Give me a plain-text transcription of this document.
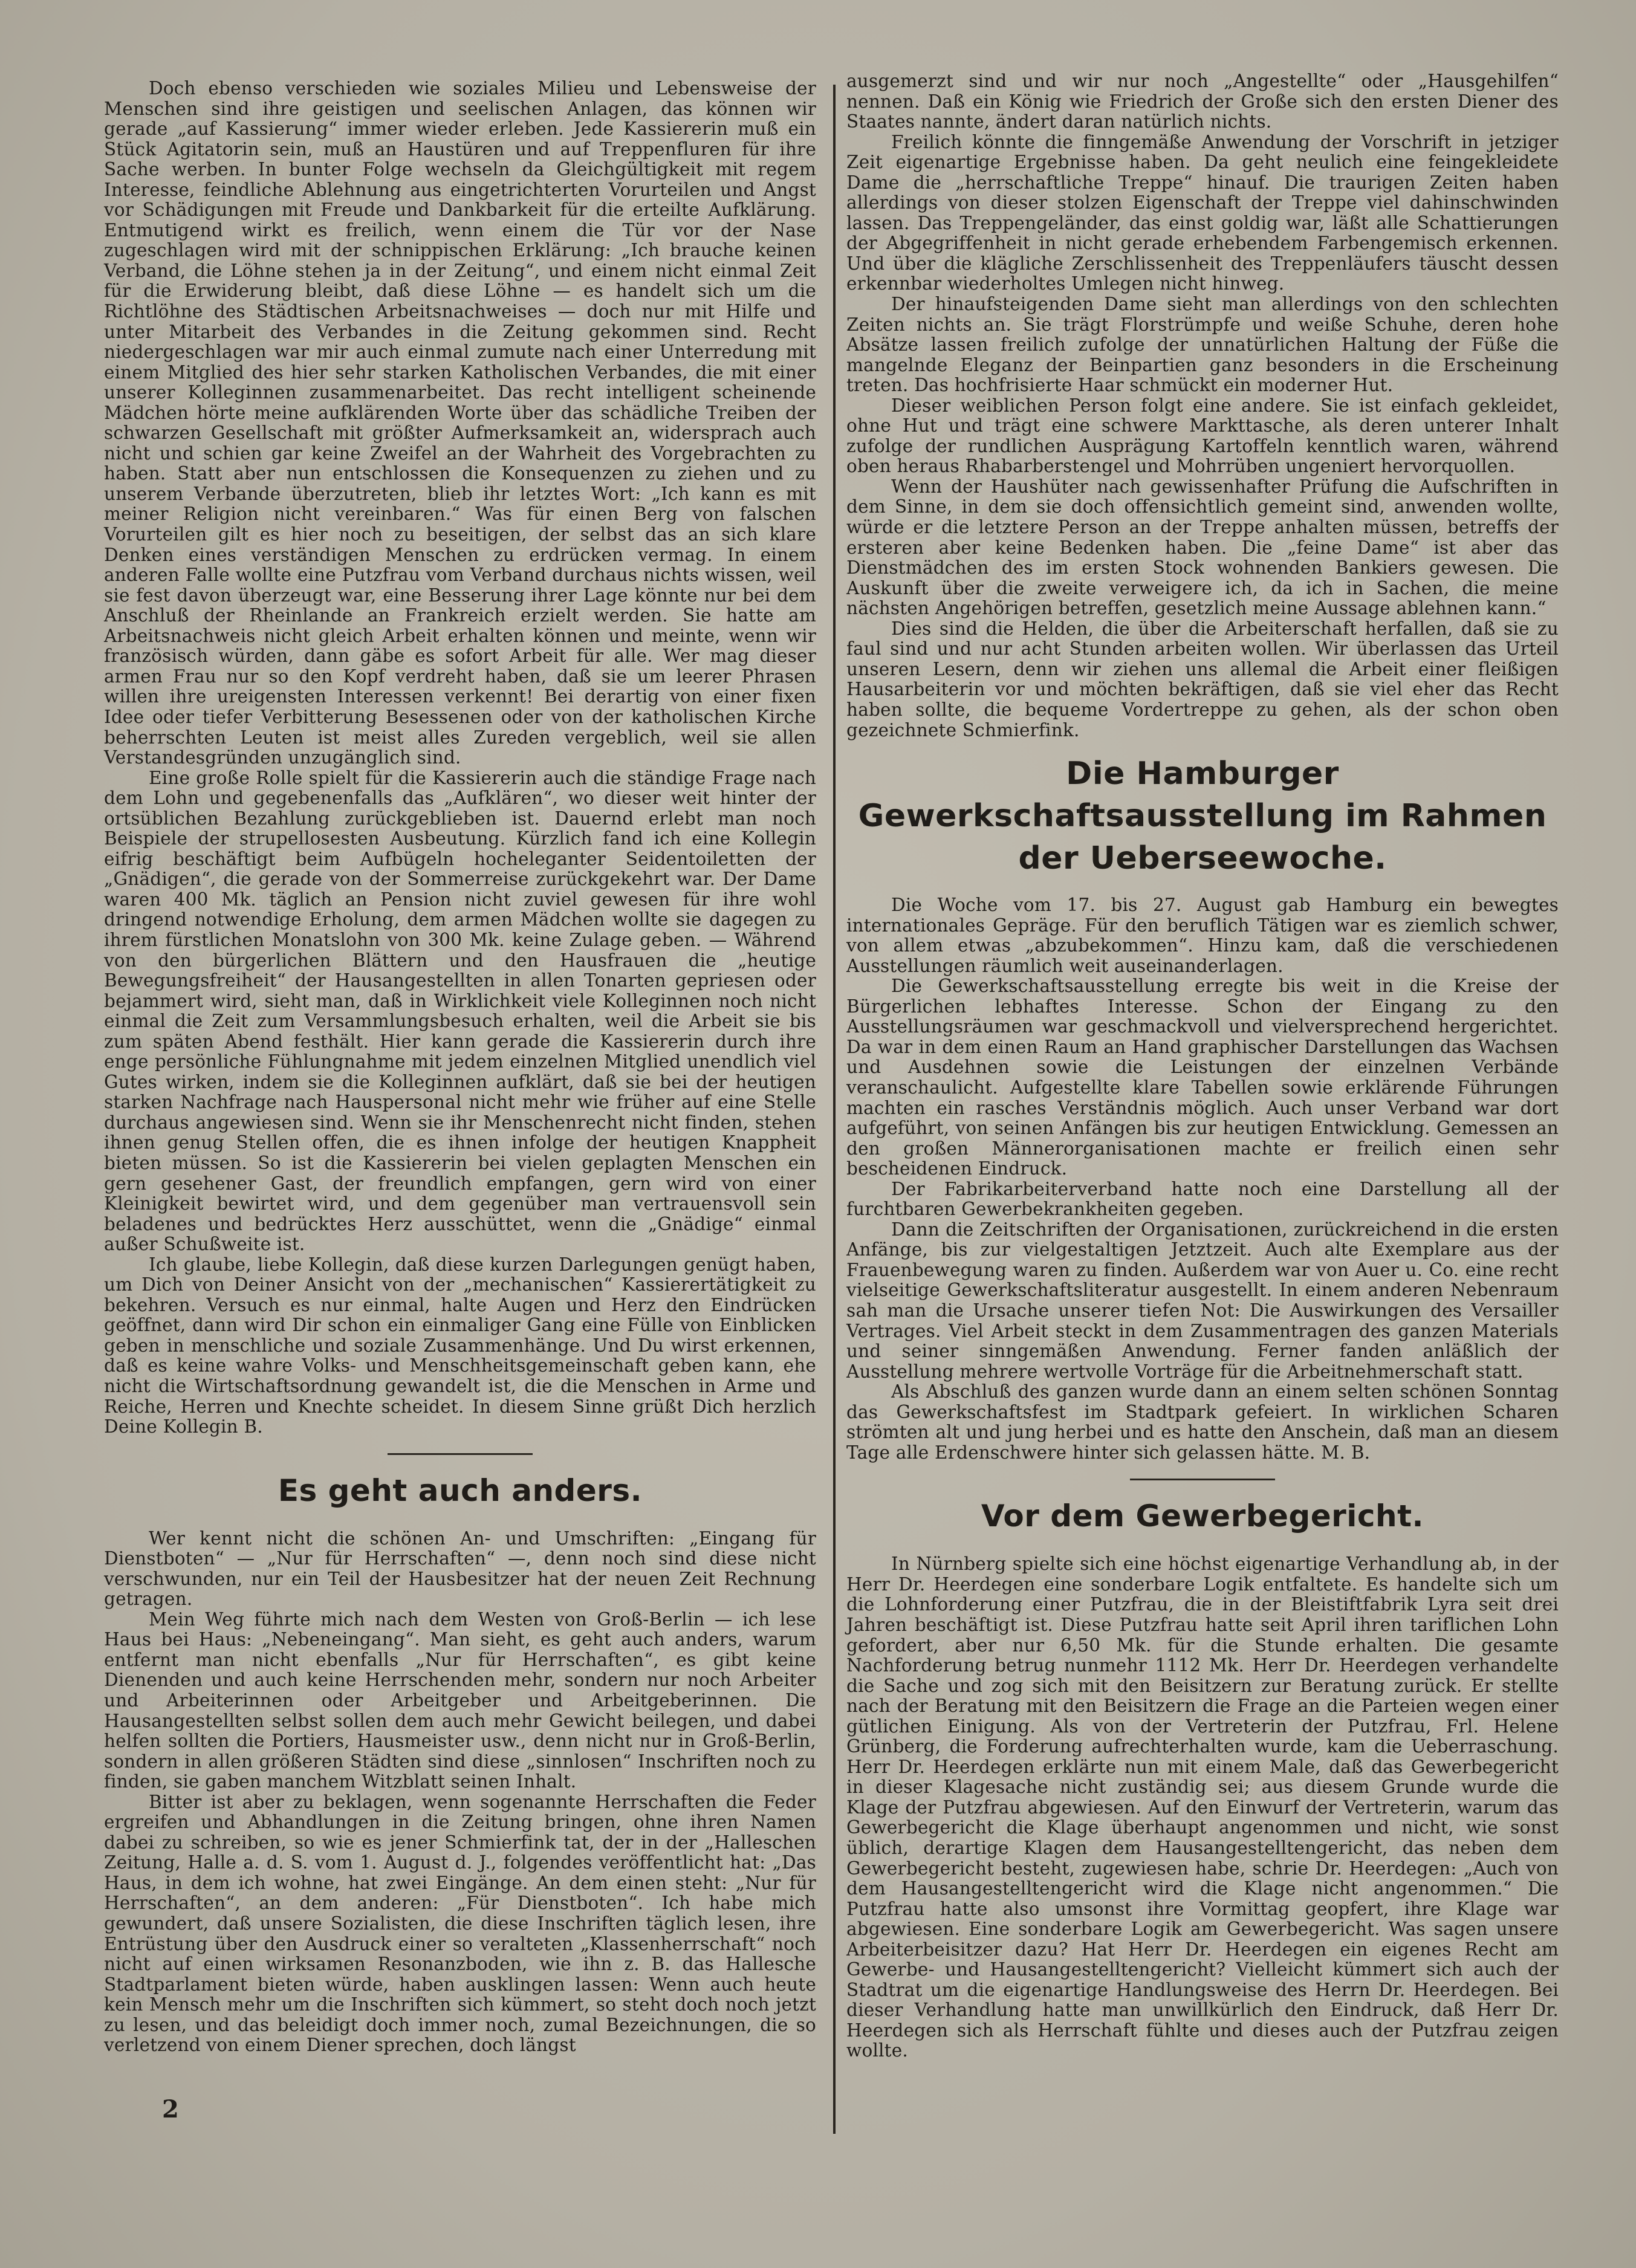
Doch ebenso verschieden wie soziales Milieu und Lebensweise der Menschen sind ihre geistigen und seelischen Anlagen, das können wir gerade „auf Kassierung“ immer wieder erleben. Jede Kassiererin muß ein Stück Agitatorin sein, muß an Haustüren und auf Treppenfluren für ihre Sache werben. In bunter Folge wechseln da Gleichgültigkeit mit regem Interesse, feindliche Ablehnung aus eingetrichterten Vorurteilen und Angst vor Schädigungen mit Freude und Dankbarkeit für die erteilte Aufklärung. Entmutigend wirkt es freilich, wenn einem die Tür vor der Nase zugeschlagen wird mit der schnippischen Erklärung: „Ich brauche keinen Verband, die Löhne stehen ja in der Zeitung“, und einem nicht einmal Zeit für die Erwiderung bleibt, daß diese Löhne — es handelt sich um die Richtlöhne des Städtischen Arbeitsnachweises — doch nur mit Hilfe und unter Mitarbeit des Verbandes in die Zeitung gekommen sind. Recht niedergeschlagen war mir auch einmal zumute nach einer Unterredung mit einem Mitglied des hier sehr starken Katholischen Verbandes, die mit einer unserer Kolleginnen zusammenarbeitet. Das recht intelligent scheinende Mädchen hörte meine aufklärenden Worte über das schädliche Treiben der schwarzen Gesellschaft mit größter Aufmerksamkeit an, widersprach auch nicht und schien gar keine Zweifel an der Wahrheit des Vorgebrachten zu haben. Statt aber nun entschlossen die Konsequenzen zu ziehen und zu unserem Verbande überzutreten, blieb ihr letztes Wort: „Ich kann es mit meiner Religion nicht vereinbaren.“ Was für einen Berg von falschen Vorurteilen gilt es hier noch zu beseitigen, der selbst das an sich klare Denken eines verständigen Menschen zu erdrücken vermag. In einem anderen Falle wollte eine Putzfrau vom Verband durchaus nichts wissen, weil sie fest davon überzeugt war, eine Besserung ihrer Lage könnte nur bei dem Anschluß der Rheinlande an Frankreich erzielt werden. Sie hatte am Arbeitsnachweis nicht gleich Arbeit erhalten können und meinte, wenn wir französisch würden, dann gäbe es sofort Arbeit für alle. Wer mag dieser armen Frau nur so den Kopf verdreht haben, daß sie um leerer Phrasen willen ihre ureigensten Interessen verkennt! Bei derartig von einer fixen Idee oder tiefer Verbitterung Besessenen oder von der katholischen Kirche beherrschten Leuten ist meist alles Zureden vergeblich, weil sie allen Verstandesgründen unzugänglich sind.

Eine große Rolle spielt für die Kassiererin auch die ständige Frage nach dem Lohn und gegebenenfalls das „Aufklären“, wo dieser weit hinter der ortsüblichen Bezahlung zurückgeblieben ist. Dauernd erlebt man noch Beispiele der strupellosesten Ausbeutung. Kürzlich fand ich eine Kollegin eifrig beschäftigt beim Aufbügeln hocheleganter Seidentoiletten der „Gnädigen“, die gerade von der Sommerreise zurückgekehrt war. Der Dame waren 400 Mk. täglich an Pension nicht zuviel gewesen für ihre wohl dringend notwendige Erholung, dem armen Mädchen wollte sie dagegen zu ihrem fürstlichen Monatslohn von 300 Mk. keine Zulage geben. — Während von den bürgerlichen Blättern und den Hausfrauen die „heutige Bewegungsfreiheit“ der Hausangestellten in allen Tonarten gepriesen oder bejammert wird, sieht man, daß in Wirklichkeit viele Kolleginnen noch nicht einmal die Zeit zum Versammlungsbesuch erhalten, weil die Arbeit sie bis zum späten Abend festhält. Hier kann gerade die Kassiererin durch ihre enge persönliche Fühlungnahme mit jedem einzelnen Mitglied unendlich viel Gutes wirken, indem sie die Kolleginnen aufklärt, daß sie bei der heutigen starken Nachfrage nach Hauspersonal nicht mehr wie früher auf eine Stelle durchaus angewiesen sind. Wenn sie ihr Menschenrecht nicht finden, stehen ihnen genug Stellen offen, die es ihnen infolge der heutigen Knappheit bieten müssen. So ist die Kassiererin bei vielen geplagten Menschen ein gern gesehener Gast, der freundlich empfangen, gern wird von einer Kleinigkeit bewirtet wird, und dem gegenüber man vertrauensvoll sein beladenes und bedrücktes Herz ausschüttet, wenn die „Gnädige“ einmal außer Schußweite ist.

Ich glaube, liebe Kollegin, daß diese kurzen Darlegungen genügt haben, um Dich von Deiner Ansicht von der „mechanischen“ Kassierertätigkeit zu bekehren. Versuch es nur einmal, halte Augen und Herz den Eindrücken geöffnet, dann wird Dir schon ein einmaliger Gang eine Fülle von Einblicken geben in menschliche und soziale Zusammenhänge. Und Du wirst erkennen, daß es keine wahre Volks- und Menschheitsgemeinschaft geben kann, ehe nicht die Wirtschaftsordnung gewandelt ist, die die Menschen in Arme und Reiche, Herren und Knechte scheidet. In diesem Sinne grüßt Dich herzlich Deine Kollegin B.

Es geht auch anders.

Wer kennt nicht die schönen An- und Umschriften: „Eingang für Dienstboten“ — „Nur für Herrschaften“ —, denn noch sind diese nicht verschwunden, nur ein Teil der Hausbesitzer hat der neuen Zeit Rechnung getragen.

Mein Weg führte mich nach dem Westen von Groß-Berlin — ich lese Haus bei Haus: „Nebeneingang“. Man sieht, es geht auch anders, warum entfernt man nicht ebenfalls „Nur für Herrschaften“, es gibt keine Dienenden und auch keine Herrschenden mehr, sondern nur noch Arbeiter und Arbeiterinnen oder Arbeitgeber und Arbeitgeberinnen. Die Hausangestellten selbst sollen dem auch mehr Gewicht beilegen, und dabei helfen sollten die Portiers, Hausmeister usw., denn nicht nur in Groß-Berlin, sondern in allen größeren Städten sind diese „sinnlosen“ Inschriften noch zu finden, sie gaben manchem Witzblatt seinen Inhalt.

Bitter ist aber zu beklagen, wenn sogenannte Herrschaften die Feder ergreifen und Abhandlungen in die Zeitung bringen, ohne ihren Namen dabei zu schreiben, so wie es jener Schmierfink tat, der in der „Halleschen Zeitung, Halle a. d. S. vom 1. August d. J., folgendes veröffentlicht hat: „Das Haus, in dem ich wohne, hat zwei Eingänge. An dem einen steht: „Nur für Herrschaften“, an dem anderen: „Für Dienstboten“. Ich habe mich gewundert, daß unsere Sozialisten, die diese Inschriften täglich lesen, ihre Entrüstung über den Ausdruck einer so veralteten „Klassenherrschaft“ noch nicht auf einen wirksamen Resonanzboden, wie ihn z. B. das Hallesche Stadtparlament bieten würde, haben ausklingen lassen: Wenn auch heute kein Mensch mehr um die Inschriften sich kümmert, so steht doch noch jetzt zu lesen, und das beleidigt doch immer noch, zumal Bezeichnungen, die so verletzend von einem Diener sprechen, doch längst

ausgemerzt sind und wir nur noch „Angestellte“ oder „Hausgehilfen“ nennen. Daß ein König wie Friedrich der Große sich den ersten Diener des Staates nannte, ändert daran natürlich nichts.

Freilich könnte die finngemäße Anwendung der Vorschrift in jetziger Zeit eigenartige Ergebnisse haben. Da geht neulich eine feingekleidete Dame die „herrschaftliche Treppe“ hinauf. Die traurigen Zeiten haben allerdings von dieser stolzen Eigenschaft der Treppe viel dahinschwinden lassen. Das Treppengeländer, das einst goldig war, läßt alle Schattierungen der Abgegriffenheit in nicht gerade erhebendem Farbengemisch erkennen. Und über die klägliche Zerschlissenheit des Treppenläufers täuscht dessen erkennbar wiederholtes Umlegen nicht hinweg.

Der hinaufsteigenden Dame sieht man allerdings von den schlechten Zeiten nichts an. Sie trägt Florstrümpfe und weiße Schuhe, deren hohe Absätze lassen freilich zufolge der unnatürlichen Haltung der Füße die mangelnde Eleganz der Beinpartien ganz besonders in die Erscheinung treten. Das hochfrisierte Haar schmückt ein moderner Hut.

Dieser weiblichen Person folgt eine andere. Sie ist einfach gekleidet, ohne Hut und trägt eine schwere Markttasche, als deren unterer Inhalt zufolge der rundlichen Ausprägung Kartoffeln kenntlich waren, während oben heraus Rhabarberstengel und Mohrrüben ungeniert hervorquollen.

Wenn der Haushüter nach gewissenhafter Prüfung die Aufschriften in dem Sinne, in dem sie doch offensichtlich gemeint sind, anwenden wollte, würde er die letztere Person an der Treppe anhalten müssen, betreffs der ersteren aber keine Bedenken haben. Die „feine Dame“ ist aber das Dienstmädchen des im ersten Stock wohnenden Bankiers gewesen. Die Auskunft über die zweite verweigere ich, da ich in Sachen, die meine nächsten Angehörigen betreffen, gesetzlich meine Aussage ablehnen kann.“

Dies sind die Helden, die über die Arbeiterschaft herfallen, daß sie zu faul sind und nur acht Stunden arbeiten wollen. Wir überlassen das Urteil unseren Lesern, denn wir ziehen uns allemal die Arbeit einer fleißigen Hausarbeiterin vor und möchten bekräftigen, daß sie viel eher das Recht haben sollte, die bequeme Vordertreppe zu gehen, als der schon oben gezeichnete Schmierfink.

Die Hamburger Gewerkschaftsausstellung im Rahmen der Ueberseewoche.

Die Woche vom 17. bis 27. August gab Hamburg ein bewegtes internationales Gepräge. Für den beruflich Tätigen war es ziemlich schwer, von allem etwas „abzubekommen“. Hinzu kam, daß die verschiedenen Ausstellungen räumlich weit auseinanderlagen.

Die Gewerkschaftsausstellung erregte bis weit in die Kreise der Bürgerlichen lebhaftes Interesse. Schon der Eingang zu den Ausstellungsräumen war geschmackvoll und vielversprechend hergerichtet. Da war in dem einen Raum an Hand graphischer Darstellungen das Wachsen und Ausdehnen sowie die Leistungen der einzelnen Verbände veranschaulicht. Aufgestellte klare Tabellen sowie erklärende Führungen machten ein rasches Verständnis möglich. Auch unser Verband war dort aufgeführt, von seinen Anfängen bis zur heutigen Entwicklung. Gemessen an den großen Männerorganisationen machte er freilich einen sehr bescheidenen Eindruck.

Der Fabrikarbeiterverband hatte noch eine Darstellung all der furchtbaren Gewerbekrankheiten gegeben.

Dann die Zeitschriften der Organisationen, zurückreichend in die ersten Anfänge, bis zur vielgestaltigen Jetztzeit. Auch alte Exemplare aus der Frauenbewegung waren zu finden. Außerdem war von Auer u. Co. eine recht vielseitige Gewerkschaftsliteratur ausgestellt. In einem anderen Nebenraum sah man die Ursache unserer tiefen Not: Die Auswirkungen des Versailler Vertrages. Viel Arbeit steckt in dem Zusammentragen des ganzen Materials und seiner sinngemäßen Anwendung. Ferner fanden anläßlich der Ausstellung mehrere wertvolle Vorträge für die Arbeitnehmerschaft statt.

Als Abschluß des ganzen wurde dann an einem selten schönen Sonntag das Gewerkschaftsfest im Stadtpark gefeiert. In wirklichen Scharen strömten alt und jung herbei und es hatte den Anschein, daß man an diesem Tage alle Erdenschwere hinter sich gelassen hätte. M. B.

Vor dem Gewerbegericht.

In Nürnberg spielte sich eine höchst eigenartige Verhandlung ab, in der Herr Dr. Heerdegen eine sonderbare Logik entfaltete. Es handelte sich um die Lohnforderung einer Putzfrau, die in der Bleistiftfabrik Lyra seit drei Jahren beschäftigt ist. Diese Putzfrau hatte seit April ihren tariflichen Lohn gefordert, aber nur 6,50 Mk. für die Stunde erhalten. Die gesamte Nachforderung betrug nunmehr 1112 Mk. Herr Dr. Heerdegen verhandelte die Sache und zog sich mit den Beisitzern zur Beratung zurück. Er stellte nach der Beratung mit den Beisitzern die Frage an die Parteien wegen einer gütlichen Einigung. Als von der Vertreterin der Putzfrau, Frl. Helene Grünberg, die Forderung aufrechterhalten wurde, kam die Ueberraschung. Herr Dr. Heerdegen erklärte nun mit einem Male, daß das Gewerbegericht in dieser Klagesache nicht zuständig sei; aus diesem Grunde wurde die Klage der Putzfrau abgewiesen. Auf den Einwurf der Vertreterin, warum das Gewerbegericht die Klage überhaupt angenommen und nicht, wie sonst üblich, derartige Klagen dem Hausangestelltengericht, das neben dem Gewerbegericht besteht, zugewiesen habe, schrie Dr. Heerdegen: „Auch von dem Hausangestelltengericht wird die Klage nicht angenommen.“ Die Putzfrau hatte also umsonst ihre Vormittag geopfert, ihre Klage war abgewiesen. Eine sonderbare Logik am Gewerbegericht. Was sagen unsere Arbeiterbeisitzer dazu? Hat Herr Dr. Heerdegen ein eigenes Recht am Gewerbe- und Hausangestelltengericht? Vielleicht kümmert sich auch der Stadtrat um die eigenartige Handlungsweise des Herrn Dr. Heerdegen. Bei dieser Verhandlung hatte man unwillkürlich den Eindruck, daß Herr Dr. Heerdegen sich als Herrschaft fühlte und dieses auch der Putzfrau zeigen wollte.

2
